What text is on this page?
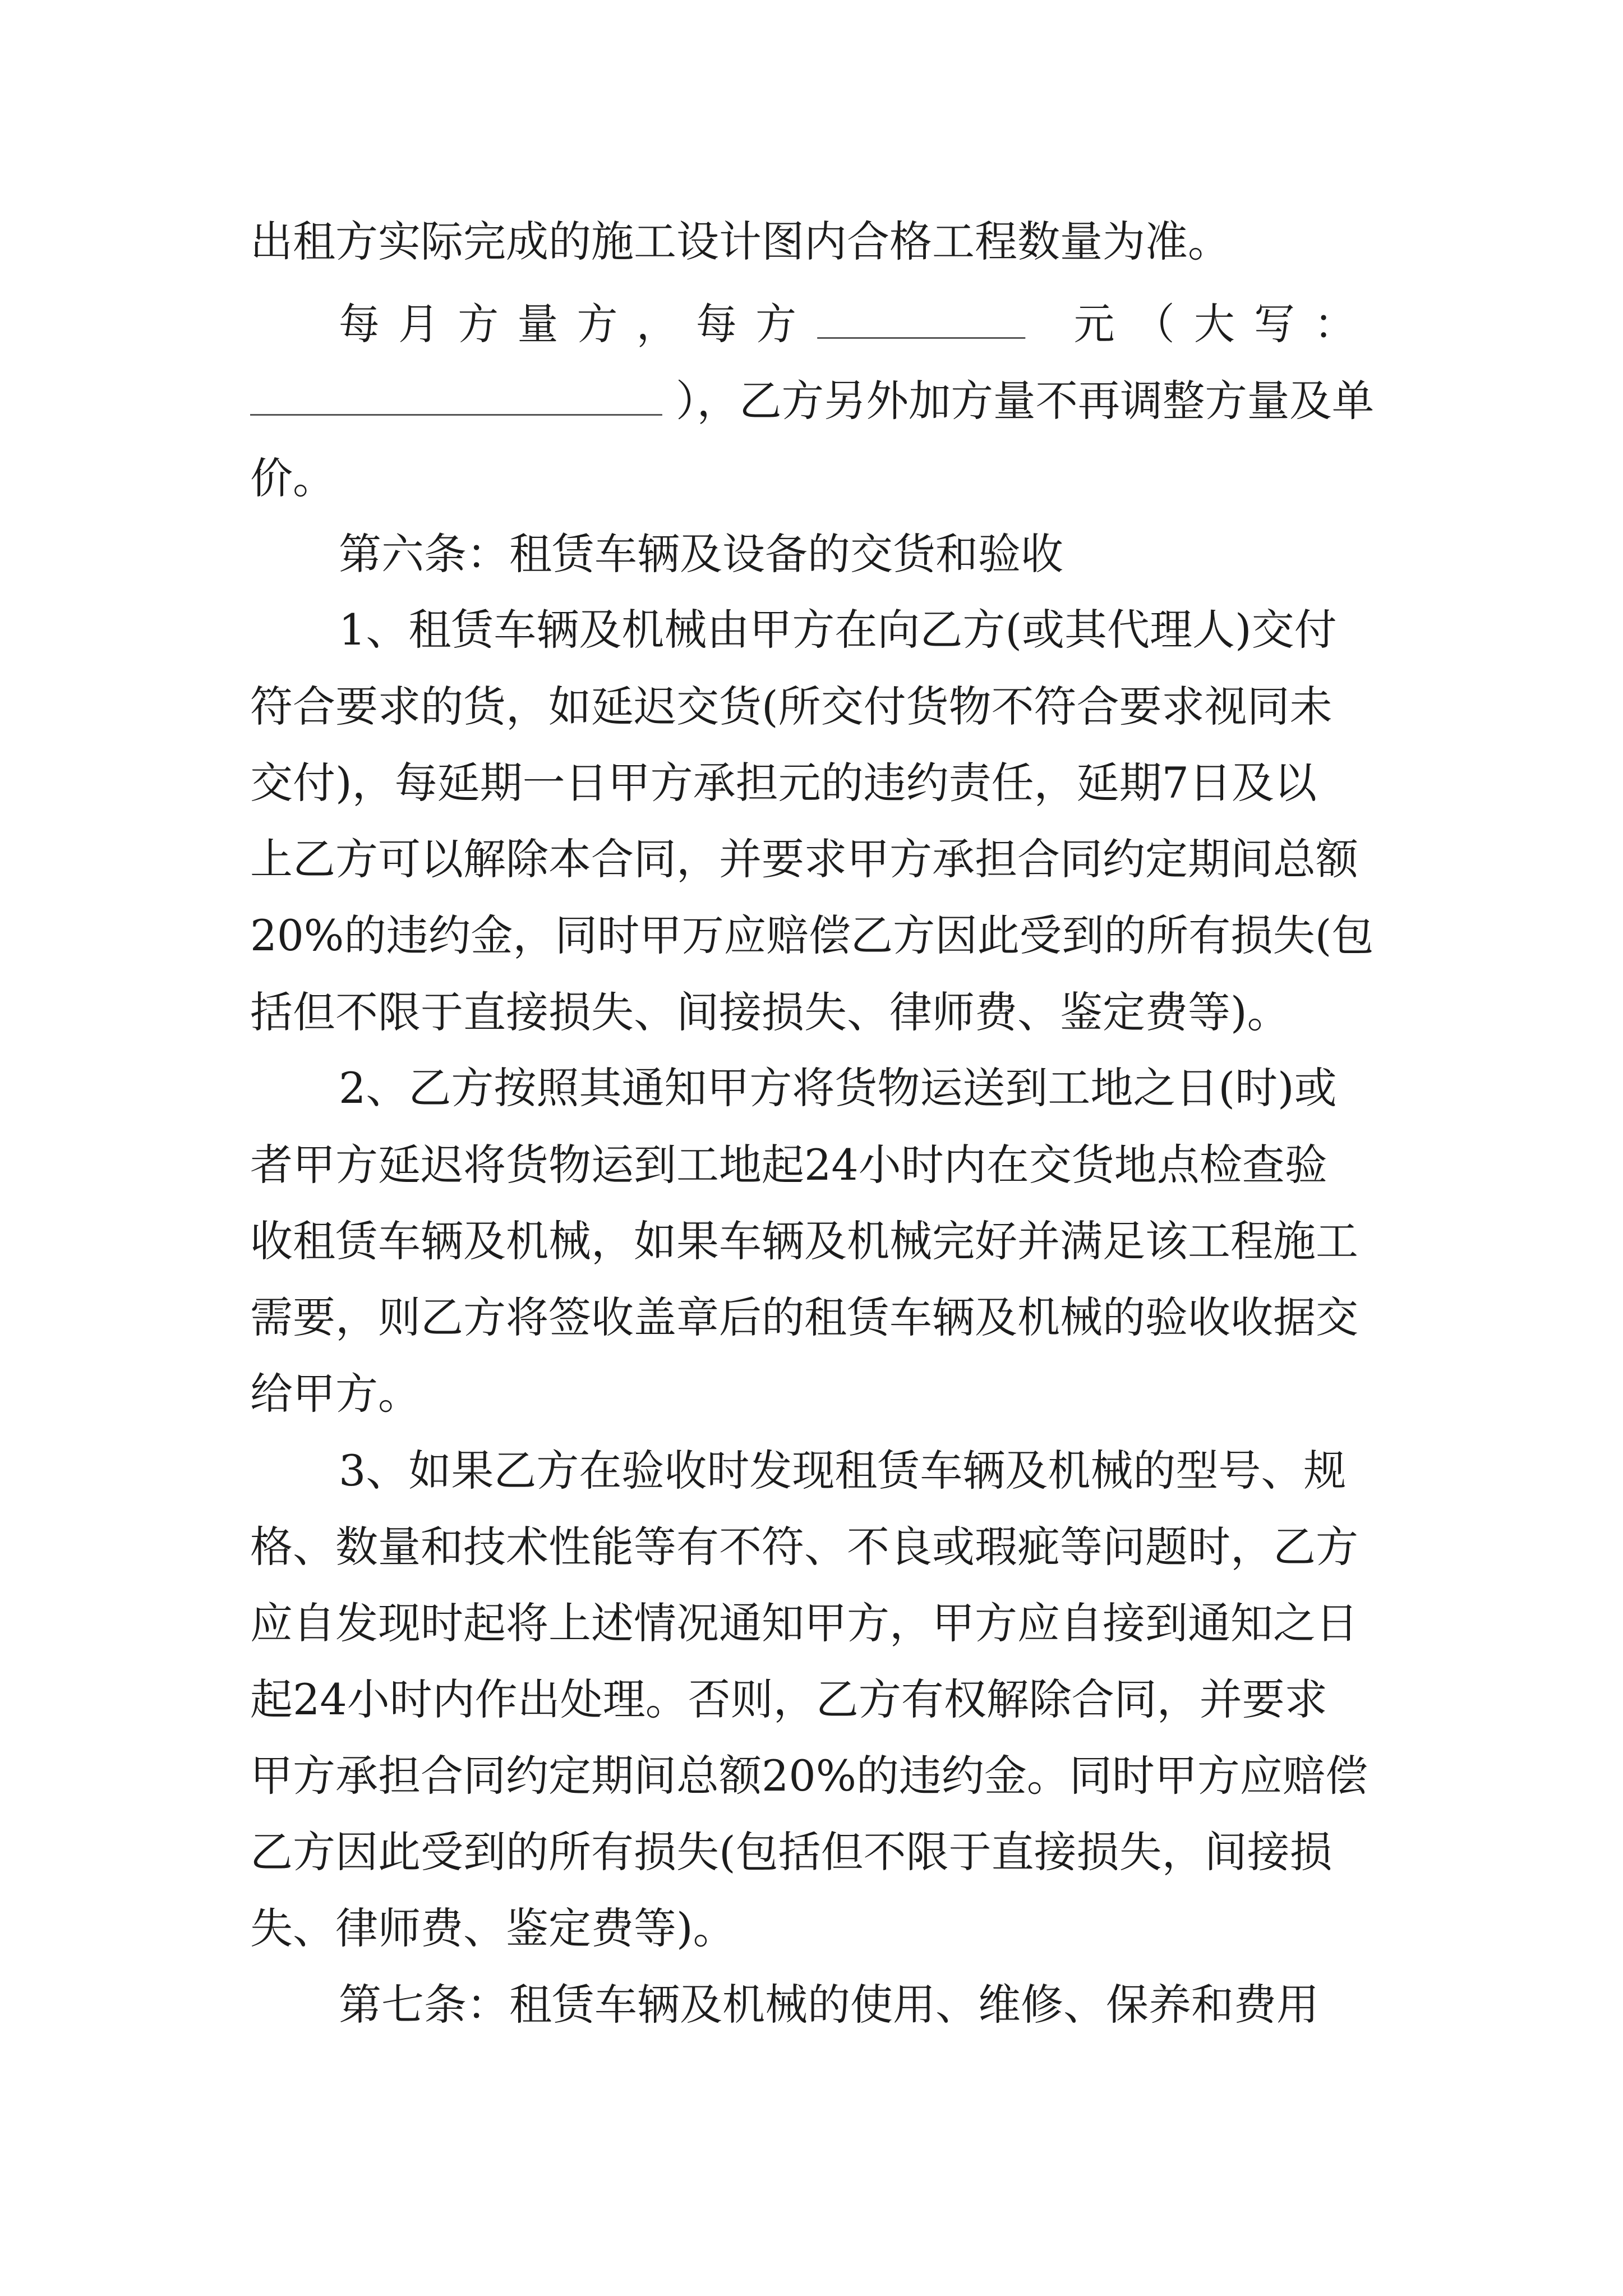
出租方实际完成的施工设计图内合格工程数量为准。
每月方量方，每方	元（大写：
），乙方另外加方量不再调整方量及单
价。
第六条：租赁车辆及设备的交货和验收
1、租赁车辆及机械由甲方在向乙方(或其代理人)交付
符合要求的货，如延迟交货(所交付货物不符合要求视同未
交付)，每延期一日甲方承担元的违约责任，延期7日及以
上乙方可以解除本合同，并要求甲方承担合同约定期间总额
20%的违约金，同时甲万应赔偿乙方因此受到的所有损失(包
括但不限于直接损失、间接损失、律师费、鉴定费等)。
2、乙方按照其通知甲方将货物运送到工地之日(时)或
者甲方延迟将货物运到工地起24小时内在交货地点检查验
收租赁车辆及机械，如果车辆及机械完好并满足该工程施工
需要，则乙方将签收盖章后的租赁车辆及机械的验收收据交
给甲方。
3、如果乙方在验收时发现租赁车辆及机械的型号、规
格、数量和技术性能等有不符、不良或瑕疵等问题时，乙方
应自发现时起将上述情况通知甲方，甲方应自接到通知之日
起24小时内作出处理。否则，乙方有权解除合同，并要求
甲方承担合同约定期间总额20%的违约金。同时甲方应赔偿
乙方因此受到的所有损失(包括但不限于直接损失，间接损
失、律师费、鉴定费等)。
第七条：租赁车辆及机械的使用、维修、保养和费用
